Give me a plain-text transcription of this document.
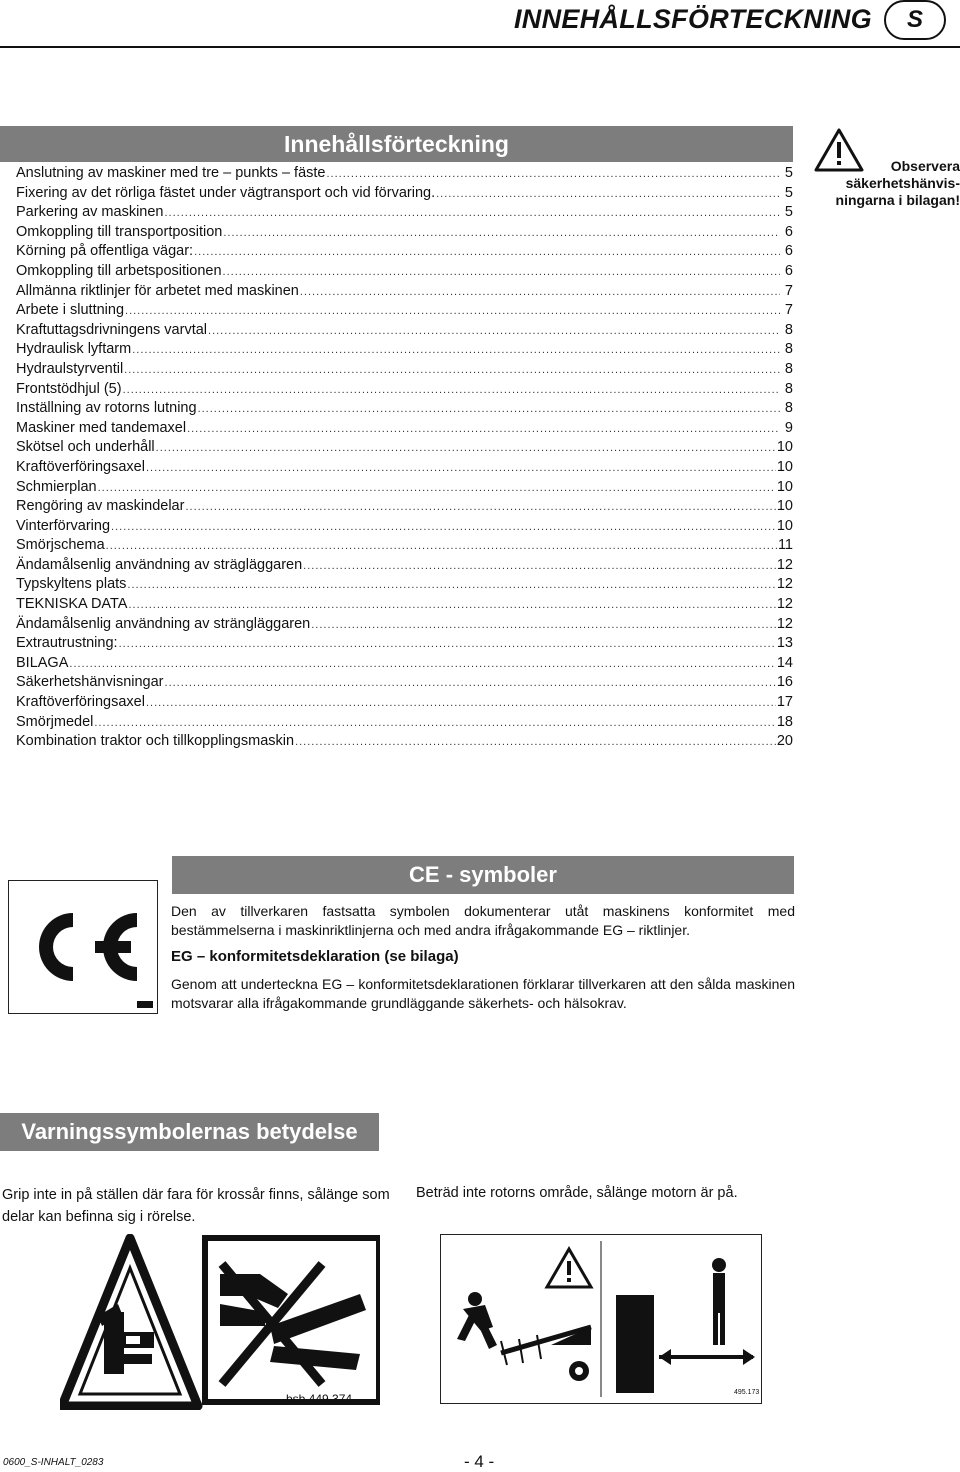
INNEHÅLLSFÖRTECKNING	S
Innehållsförteckning
Anslutning av maskiner med tre – punkts – fäste .....	5
Fixering av det rörliga fästet under vägtransport och vid förvaring. .....	5
Parkering av maskinen .....	5
Omkoppling till transportposition .....	6
Körning på offentliga vägar: .....	6
Omkoppling till arbetspositionen .....	6
Allmänna riktlinjer för arbetet med maskinen .....	7
Arbete i sluttning .....	7
Kraftuttagsdrivningens varvtal .....	8
Hydraulisk lyftarm .....	8
Hydraulstyrventil .....	8
Frontstödhjul (5) .....	8
Inställning av rotorns lutning .....	8
Maskiner med tandemaxel .....	9
Skötsel och underhåll .....	10
Kraftöverföringsaxel .....	10
Schmierplan .....	10
Rengöring av maskindelar .....	10
Vinterförvaring .....	10
Smörjschema .....	11
Ändamålsenlig användning av strägläggaren .....	12
Typskyltens plats .....	12
TEKNISKA DATA .....	12
Ändamålsenlig användning av strängläggaren .....	12
Extrautrustning: .....	13
BILAGA .....	14
Säkerhetshänvisningar .....	16
Kraftöverföringsaxel .....	17
Smörjmedel .....	18
Kombination traktor och tillkopplingsmaskin .....	20
Observera
säkerhetshänvis-
ningarna i bilagan!
CE - symboler
Den av tillverkaren fastsatta symbolen dokumenterar utåt maskinens konformitet med bestämmelserna i maskinriktlinjerna och med andra ifrågakommande EG – riktlinjer.
EG – konformitetsdeklaration (se bilaga)
Genom att underteckna EG – konformitetsdeklarationen förklarar tillverkaren att den sålda maskinen motsvarar alla ifrågakommande grundläggande säkerhets- och hälsokrav.
Varningssymbolernas betydelse
Grip inte in på ställen där fara för krossår finns, sålänge som delar kan befinna sig i rörelse.
Beträd inte rotorns område, sålänge motorn är på.
bsb 449 374	495.173
0600_S-INHALT_0283	- 4 -
